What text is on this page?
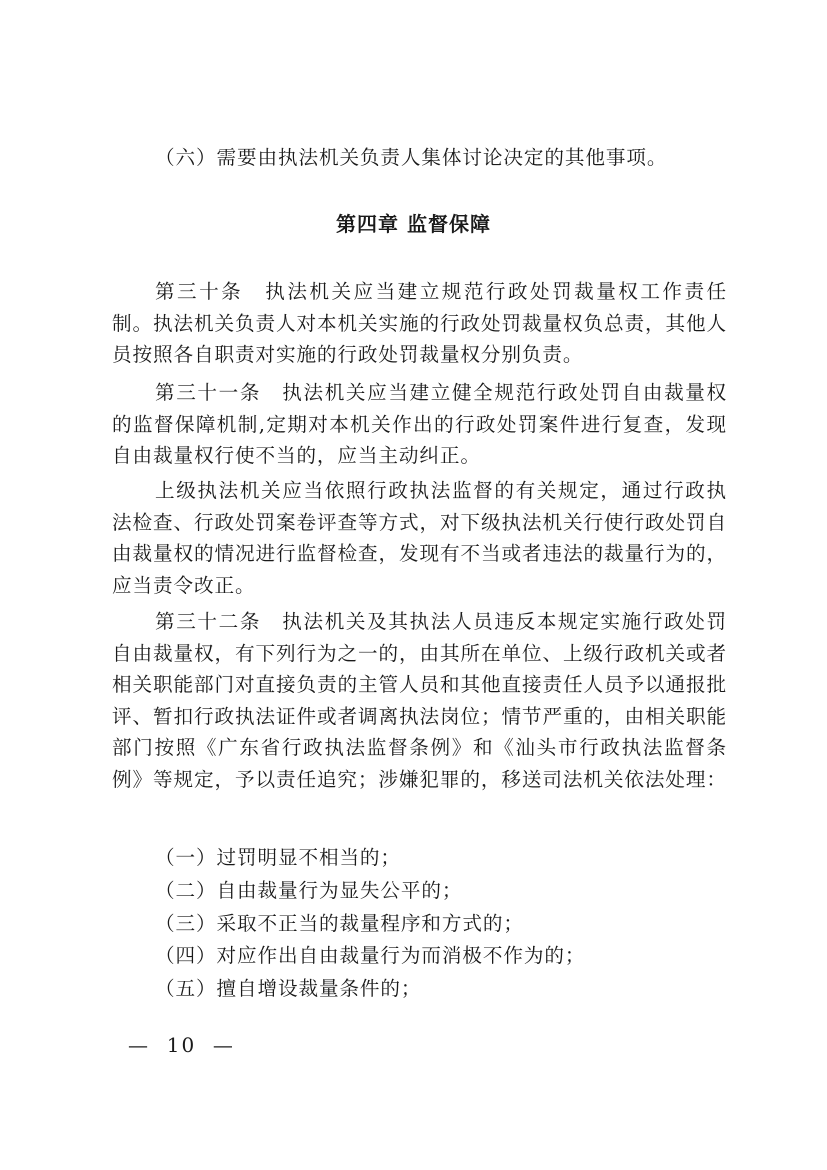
（六）需要由执法机关负责人集体讨论决定的其他事项。

第四章 监督保障

第三十条　执法机关应当建立规范行政处罚裁量权工作责任制。执法机关负责人对本机关实施的行政处罚裁量权负总责，其他人员按照各自职责对实施的行政处罚裁量权分别负责。

第三十一条　执法机关应当建立健全规范行政处罚自由裁量权的监督保障机制,定期对本机关作出的行政处罚案件进行复查，发现自由裁量权行使不当的，应当主动纠正。

上级执法机关应当依照行政执法监督的有关规定，通过行政执法检查、行政处罚案卷评查等方式，对下级执法机关行使行政处罚自由裁量权的情况进行监督检查，发现有不当或者违法的裁量行为的，应当责令改正。

第三十二条　执法机关及其执法人员违反本规定实施行政处罚自由裁量权，有下列行为之一的，由其所在单位、上级行政机关或者相关职能部门对直接负责的主管人员和其他直接责任人员予以通报批评、暂扣行政执法证件或者调离执法岗位；情节严重的，由相关职能部门按照《广东省行政执法监督条例》和《汕头市行政执法监督条例》等规定，予以责任追究；涉嫌犯罪的，移送司法机关依法处理：

（一）过罚明显不相当的；

（二）自由裁量行为显失公平的；

（三）采取不正当的裁量程序和方式的；

（四）对应作出自由裁量行为而消极不作为的；

（五）擅自增设裁量条件的；

—  10  —
